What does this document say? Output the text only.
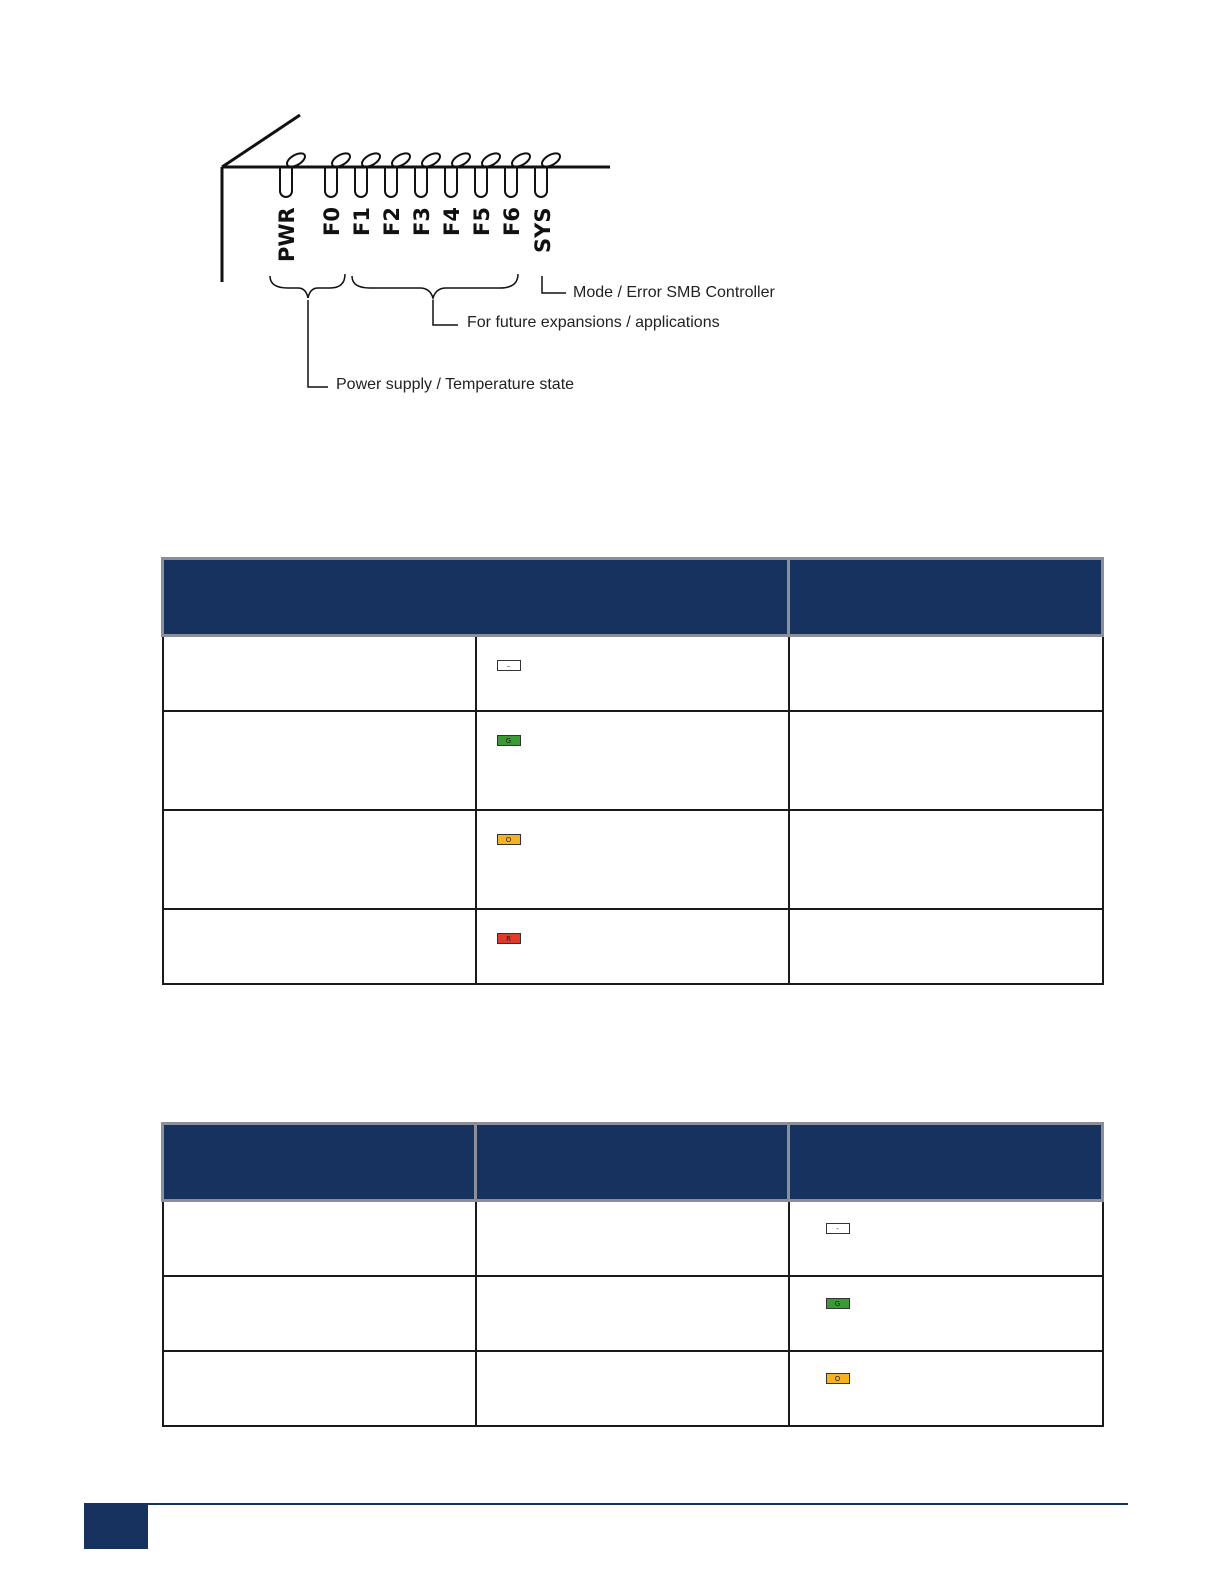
PWR F0 F1 F2 F3 F4 F5 F6 SYS
Mode / Error SMB Controller
For future expansions / applications
Power supply / Temperature state

	–	

	G	

	O	

	R	

		-

		G

		O
